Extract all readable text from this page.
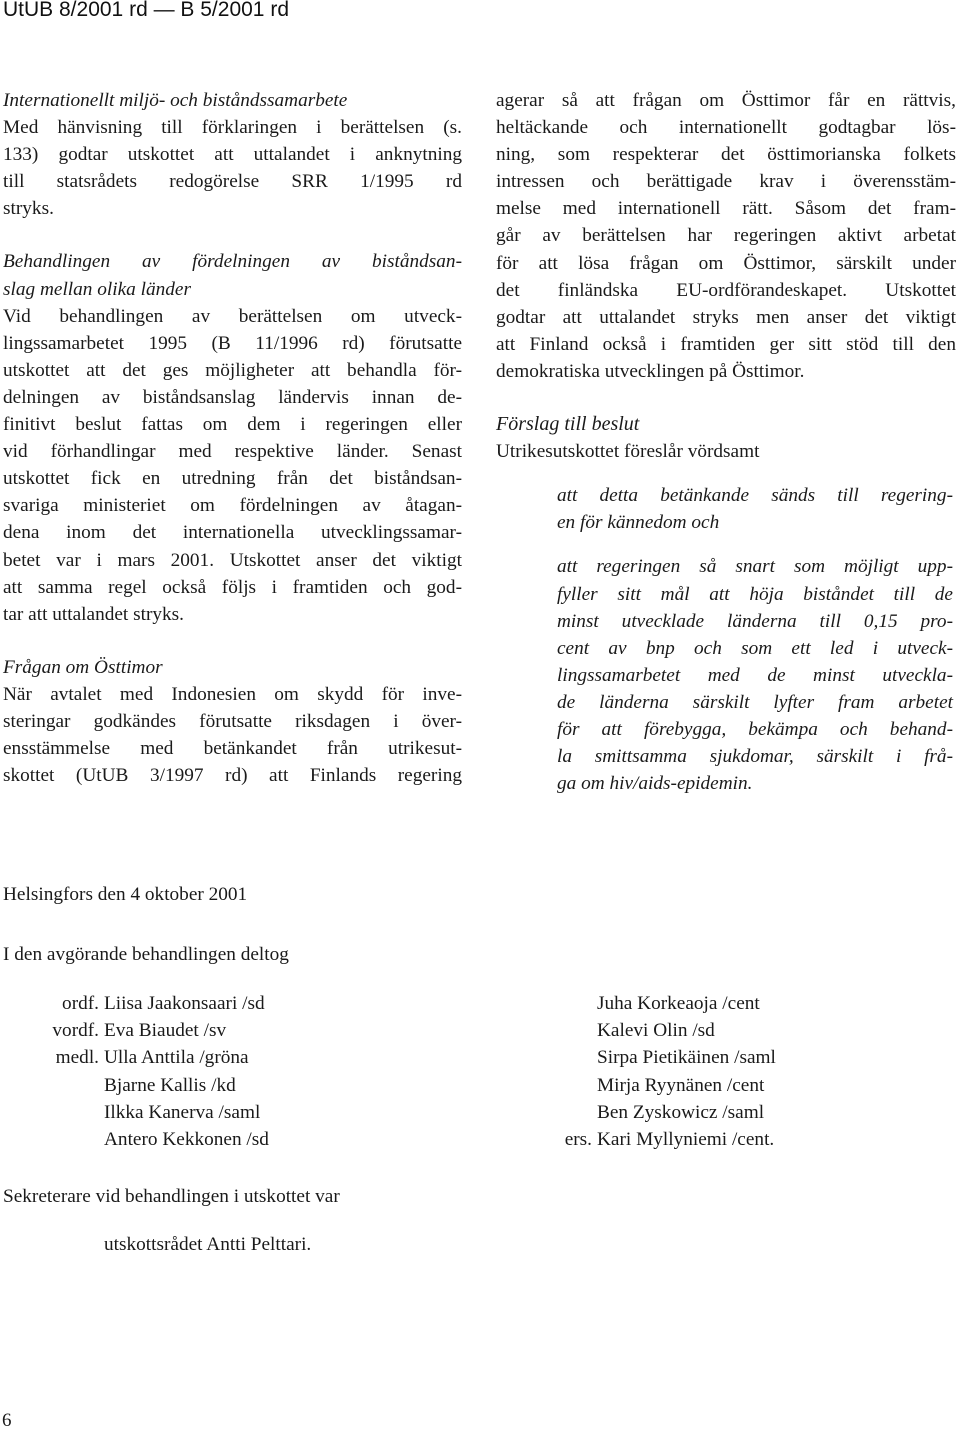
UtUB 8/2001 rd — B 5/2001 rd

Internationellt miljö- och biståndssamarbete

Med hänvisning till förklaringen i berättelsen (s.
133) godtar utskottet att uttalandet i anknytning
till statsrådets redogörelse SRR 1/1995 rd
stryks.
Behandlingen av fördelningen av biståndsan-
slag mellan olika länder
Vid behandlingen av berättelsen om utveck-
lingssamarbetet 1995 (B 11/1996 rd) förutsatte
utskottet att det ges möjligheter att behandla för-
delningen av biståndsanslag ländervis innan de-
finitivt beslut fattas om dem i regeringen eller
vid förhandlingar med respektive länder. Senast
utskottet fick en utredning från det biståndsan-
svariga ministeriet om fördelningen av åtagan-
dena inom det internationella utvecklingssamar-
betet var i mars 2001. Utskottet anser det viktigt
att samma regel också följs i framtiden och god-
tar att uttalandet stryks.

Frågan om Östtimor

När avtalet med Indonesien om skydd för inve-
steringar godkändes förutsatte riksdagen i över-
ensstämmelse med betänkandet från utrikesut-
skottet (UtUB 3/1997 rd) att Finlands regering
agerar så att frågan om Östtimor får en rättvis,
heltäckande och internationellt godtagbar lös-
ning, som respekterar det östtimorianska folkets
intressen och berättigade krav i överensstäm-
melse med internationell rätt. Såsom det fram-
går av berättelsen har regeringen aktivt arbetat
för att lösa frågan om Östtimor, särskilt under
det finländska EU-ordförandeskapet. Utskottet
godtar att uttalandet stryks men anser det viktigt
att Finland också i framtiden ger sitt stöd till den
demokratiska utvecklingen på Östtimor.
Förslag till beslut

Utrikesutskottet föreslår vördsamt

att detta betänkande sänds till regering-
en för kännedom och
att regeringen så snart som möjligt upp-
fyller sitt mål att höja biståndet till de
minst utvecklade länderna till 0,15 pro-
cent av bnp och som ett led i utveck-
lingssamarbetet med de minst utveckla-
de länderna särskilt lyfter fram arbetet
för att förebygga, bekämpa och behand-
la smittsamma sjukdomar, särskilt i frå-
ga om hiv/aids-epidemin.
Helsingfors den 4 oktober 2001
I den avgörande behandlingen deltog
ordf. Liisa Jaakonsaari /sd
vordf. Eva Biaudet /sv
medl. Ulla Anttila /gröna
Bjarne Kallis /kd
Ilkka Kanerva /saml
Antero Kekkonen /sd
Juha Korkeaoja /cent
Kalevi Olin /sd
Sirpa Pietikäinen /saml
Mirja Ryynänen /cent
Ben Zyskowicz /saml
ers. Kari Myllyniemi /cent.
Sekreterare vid behandlingen i utskottet var
utskottsrådet Antti Pelttari.
6
